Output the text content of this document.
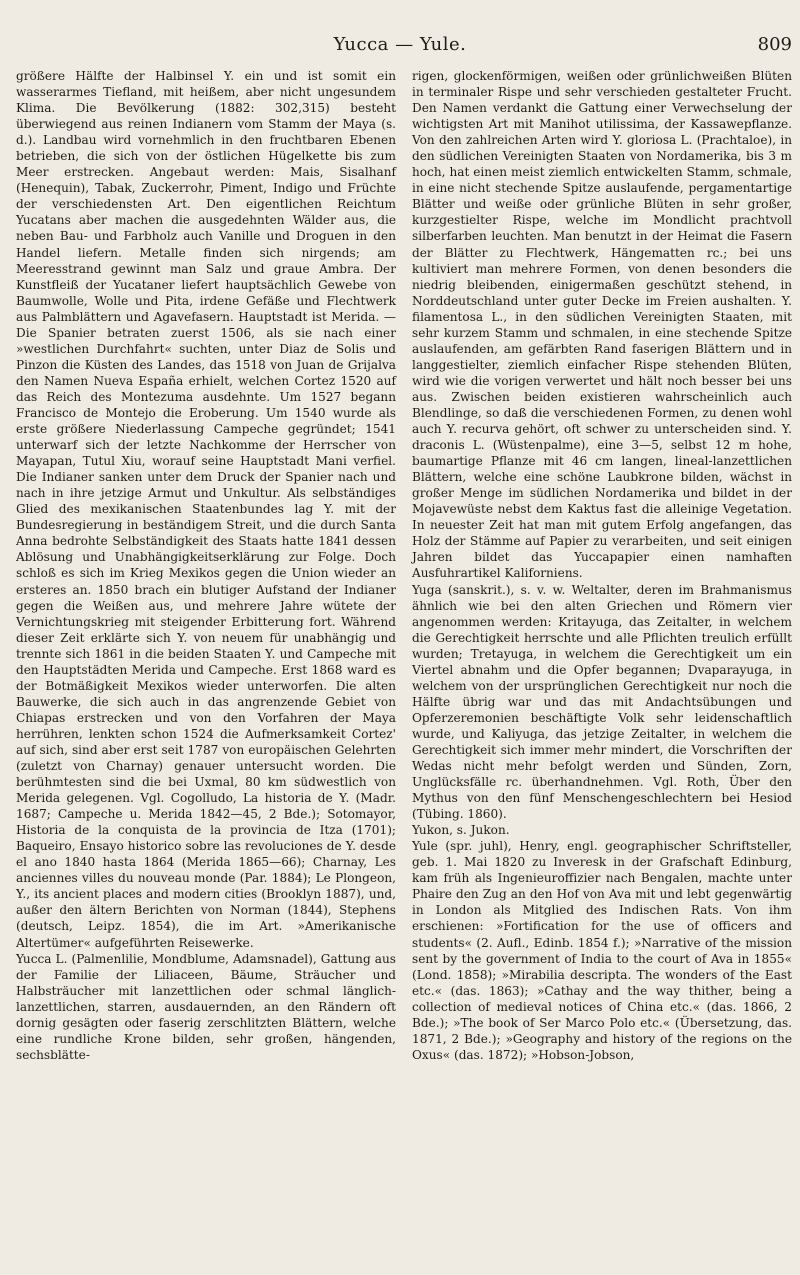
Yucca — Yule.	809

größere Hälfte der Halbinsel Y. ein und ist somit ein wasserarmes Tiefland, mit heißem, aber nicht ungesundem Klima. Die Bevölkerung (1882: 302,315) besteht überwiegend aus reinen Indianern vom Stamm der Maya (s. d.). Landbau wird vornehmlich in den fruchtbaren Ebenen betrieben, die sich von der östlichen Hügelkette bis zum Meer erstrecken. Angebaut werden: Mais, Sisalhanf (Henequin), Tabak, Zuckerrohr, Piment, Indigo und Früchte der verschiedensten Art. Den eigentlichen Reichtum Yucatans aber machen die ausgedehnten Wälder aus, die neben Bau- und Farbholz auch Vanille und Droguen in den Handel liefern. Metalle finden sich nirgends; am Meeresstrand gewinnt man Salz und graue Ambra. Der Kunstfleiß der Yucataner liefert hauptsächlich Gewebe von Baumwolle, Wolle und Pita, irdene Gefäße und Flechtwerk aus Palmblättern und Agavefasern. Hauptstadt ist Merida. — Die Spanier betraten zuerst 1506, als sie nach einer »westlichen Durchfahrt« suchten, unter Diaz de Solis und Pinzon die Küsten des Landes, das 1518 von Juan de Grijalva den Namen Nueva España erhielt, welchen Cortez 1520 auf das Reich des Montezuma ausdehnte. Um 1527 begann Francisco de Montejo die Eroberung. Um 1540 wurde als erste größere Niederlassung Campeche gegründet; 1541 unterwarf sich der letzte Nachkomme der Herrscher von Mayapan, Tutul Xiu, worauf seine Hauptstadt Mani verfiel. Die Indianer sanken unter dem Druck der Spanier nach und nach in ihre jetzige Armut und Unkultur. Als selbständiges Glied des mexikanischen Staatenbundes lag Y. mit der Bundesregierung in beständigem Streit, und die durch Santa Anna bedrohte Selbständigkeit des Staats hatte 1841 dessen Ablösung und Unabhängigkeitserklärung zur Folge. Doch schloß es sich im Krieg Mexikos gegen die Union wieder an ersteres an. 1850 brach ein blutiger Aufstand der Indianer gegen die Weißen aus, und mehrere Jahre wütete der Vernichtungskrieg mit steigender Erbitterung fort. Während dieser Zeit erklärte sich Y. von neuem für unabhängig und trennte sich 1861 in die beiden Staaten Y. und Campeche mit den Hauptstädten Merida und Campeche. Erst 1868 ward es der Botmäßigkeit Mexikos wieder unterworfen. Die alten Bauwerke, die sich auch in das angrenzende Gebiet von Chiapas erstrecken und von den Vorfahren der Maya herrühren, lenkten schon 1524 die Aufmerksamkeit Cortez' auf sich, sind aber erst seit 1787 von europäischen Gelehrten (zuletzt von Charnay) genauer untersucht worden. Die berühmtesten sind die bei Uxmal, 80 km südwestlich von Merida gelegenen. Vgl. Cogolludo, La historia de Y. (Madr. 1687; Campeche u. Merida 1842—45, 2 Bde.); Sotomayor, Historia de la conquista de la provincia de Itza (1701); Baqueiro, Ensayo historico sobre las revoluciones de Y. desde el ano 1840 hasta 1864 (Merida 1865—66); Charnay, Les anciennes villes du nouveau monde (Par. 1884); Le Plongeon, Y., its ancient places and modern cities (Brooklyn 1887), und, außer den ältern Berichten von Norman (1844), Stephens (deutsch, Leipz. 1854), die im Art. »Amerikanische Altertümer« aufgeführten Reisewerke.

Yucca L. (Palmenlilie, Mondblume, Adamsnadel), Gattung aus der Familie der Liliaceen, Bäume, Sträucher und Halbsträucher mit lanzettlichen oder schmal länglich-lanzettlichen, starren, ausdauernden, an den Rändern oft dornig gesägten oder faserig zerschlitzten Blättern, welche eine rundliche Krone bilden, sehr großen, hängenden, sechsblätte-

rigen, glockenförmigen, weißen oder grünlichweißen Blüten in terminaler Rispe und sehr verschieden gestalteter Frucht. Den Namen verdankt die Gattung einer Verwechselung der wichtigsten Art mit Manihot utilissima, der Kassawepflanze. Von den zahlreichen Arten wird Y. gloriosa L. (Prachtaloe), in den südlichen Vereinigten Staaten von Nordamerika, bis 3 m hoch, hat einen meist ziemlich entwickelten Stamm, schmale, in eine nicht stechende Spitze auslaufende, pergamentartige Blätter und weiße oder grünliche Blüten in sehr großer, kurzgestielter Rispe, welche im Mondlicht prachtvoll silberfarben leuchten. Man benutzt in der Heimat die Fasern der Blätter zu Flechtwerk, Hängematten rc.; bei uns kultiviert man mehrere Formen, von denen besonders die niedrig bleibenden, einigermaßen geschützt stehend, in Norddeutschland unter guter Decke im Freien aushalten. Y. filamentosa L., in den südlichen Vereinigten Staaten, mit sehr kurzem Stamm und schmalen, in eine stechende Spitze auslaufenden, am gefärbten Rand faserigen Blättern und in langgestielter, ziemlich einfacher Rispe stehenden Blüten, wird wie die vorigen verwertet und hält noch besser bei uns aus. Zwischen beiden existieren wahrscheinlich auch Blendlinge, so daß die verschiedenen Formen, zu denen wohl auch Y. recurva gehört, oft schwer zu unterscheiden sind. Y. draconis L. (Wüstenpalme), eine 3—5, selbst 12 m hohe, baumartige Pflanze mit 46 cm langen, lineal-lanzettlichen Blättern, welche eine schöne Laubkrone bilden, wächst in großer Menge im südlichen Nordamerika und bildet in der Mojavewüste nebst dem Kaktus fast die alleinige Vegetation. In neuester Zeit hat man mit gutem Erfolg angefangen, das Holz der Stämme auf Papier zu verarbeiten, und seit einigen Jahren bildet das Yuccapapier einen namhaften Ausfuhrartikel Kaliforniens.

Yuga (sanskrit.), s. v. w. Weltalter, deren im Brahmanismus ähnlich wie bei den alten Griechen und Römern vier angenommen werden: Kritayuga, das Zeitalter, in welchem die Gerechtigkeit herrschte und alle Pflichten treulich erfüllt wurden; Tretayuga, in welchem die Gerechtigkeit um ein Viertel abnahm und die Opfer begannen; Dvaparayuga, in welchem von der ursprünglichen Gerechtigkeit nur noch die Hälfte übrig war und das mit Andachtsübungen und Opferzeremonien beschäftigte Volk sehr leidenschaftlich wurde, und Kaliyuga, das jetzige Zeitalter, in welchem die Gerechtigkeit sich immer mehr mindert, die Vorschriften der Wedas nicht mehr befolgt werden und Sünden, Zorn, Unglücksfälle rc. überhandnehmen. Vgl. Roth, Über den Mythus von den fünf Menschengeschlechtern bei Hesiod (Tübing. 1860).

Yukon, s. Jukon.

Yule (spr. juhl), Henry, engl. geographischer Schriftsteller, geb. 1. Mai 1820 zu Inveresk in der Grafschaft Edinburg, kam früh als Ingenieuroffizier nach Bengalen, machte unter Phaire den Zug an den Hof von Ava mit und lebt gegenwärtig in London als Mitglied des Indischen Rats. Von ihm erschienen: »Fortification for the use of officers and students« (2. Aufl., Edinb. 1854 f.); »Narrative of the mission sent by the government of India to the court of Ava in 1855« (Lond. 1858); »Mirabilia descripta. The wonders of the East etc.« (das. 1863); »Cathay and the way thither, being a collection of medieval notices of China etc.« (das. 1866, 2 Bde.); »The book of Ser Marco Polo etc.« (Übersetzung, das. 1871, 2 Bde.); »Geography and history of the regions on the Oxus« (das. 1872); »Hobson-Jobson,
